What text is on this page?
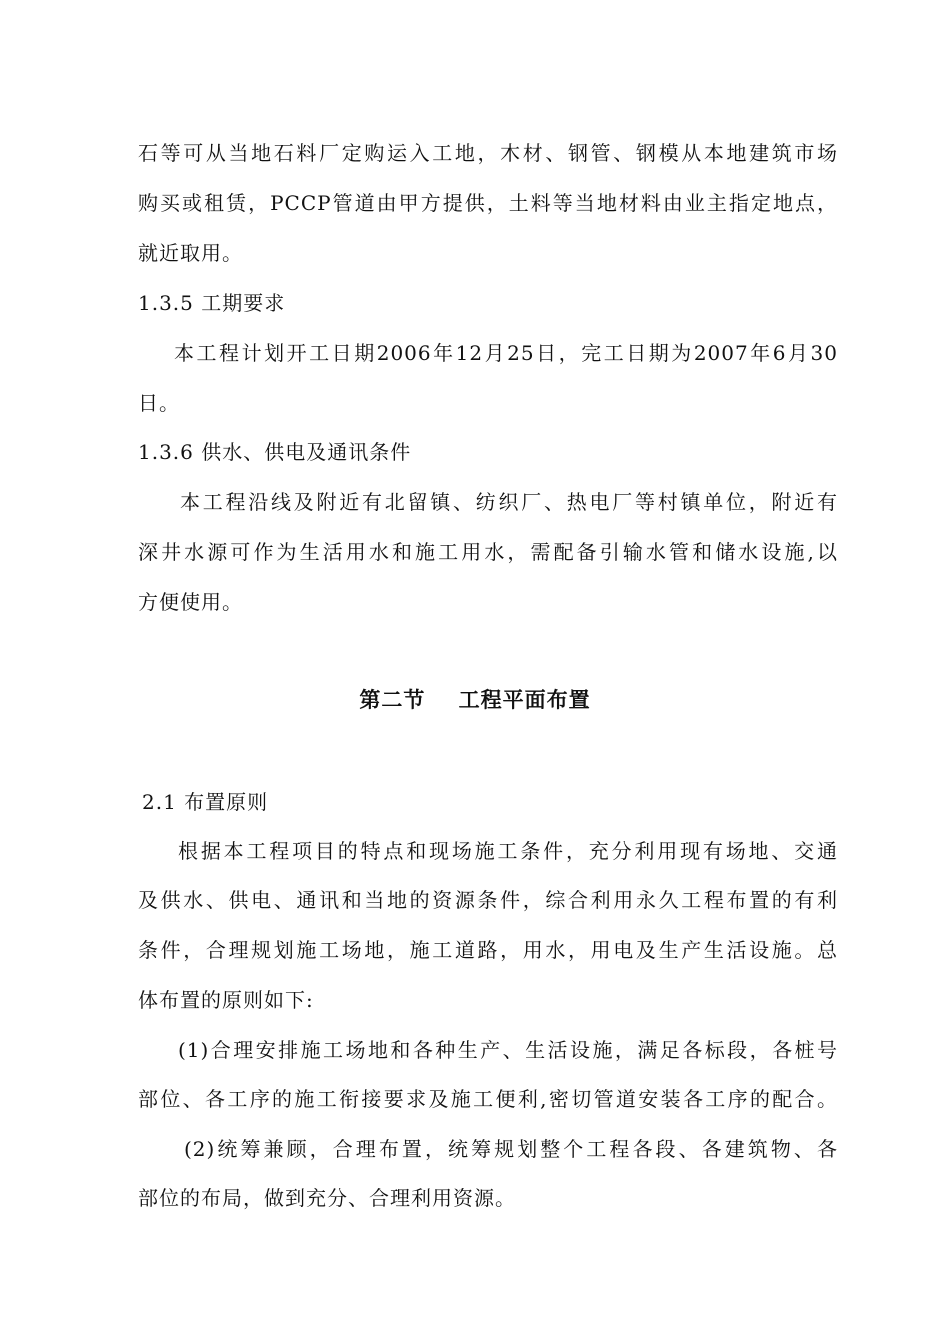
石等可从当地石料厂定购运入工地，木材、钢管、钢模从本地建筑市场
购买或租赁，PCCP管道由甲方提供，土料等当地材料由业主指定地点，
就近取用。
1.3.5 工期要求
本工程计划开工日期2006年12月25日，完工日期为2007年6月30
日。
1.3.6 供水、供电及通讯条件
本工程沿线及附近有北留镇、纺织厂、热电厂等村镇单位，附近有
深井水源可作为生活用水和施工用水，需配备引输水管和储水设施,以
方便使用。
第二节    工程平面布置
2.1 布置原则
根据本工程项目的特点和现场施工条件，充分利用现有场地、交通
及供水、供电、通讯和当地的资源条件，综合利用永久工程布置的有利
条件，合理规划施工场地，施工道路，用水，用电及生产生活设施。总
体布置的原则如下:
(1)合理安排施工场地和各种生产、生活设施，满足各标段，各桩号
部位、各工序的施工衔接要求及施工便利,密切管道安装各工序的配合。
(2)统筹兼顾，合理布置，统筹规划整个工程各段、各建筑物、各
部位的布局，做到充分、合理利用资源。
